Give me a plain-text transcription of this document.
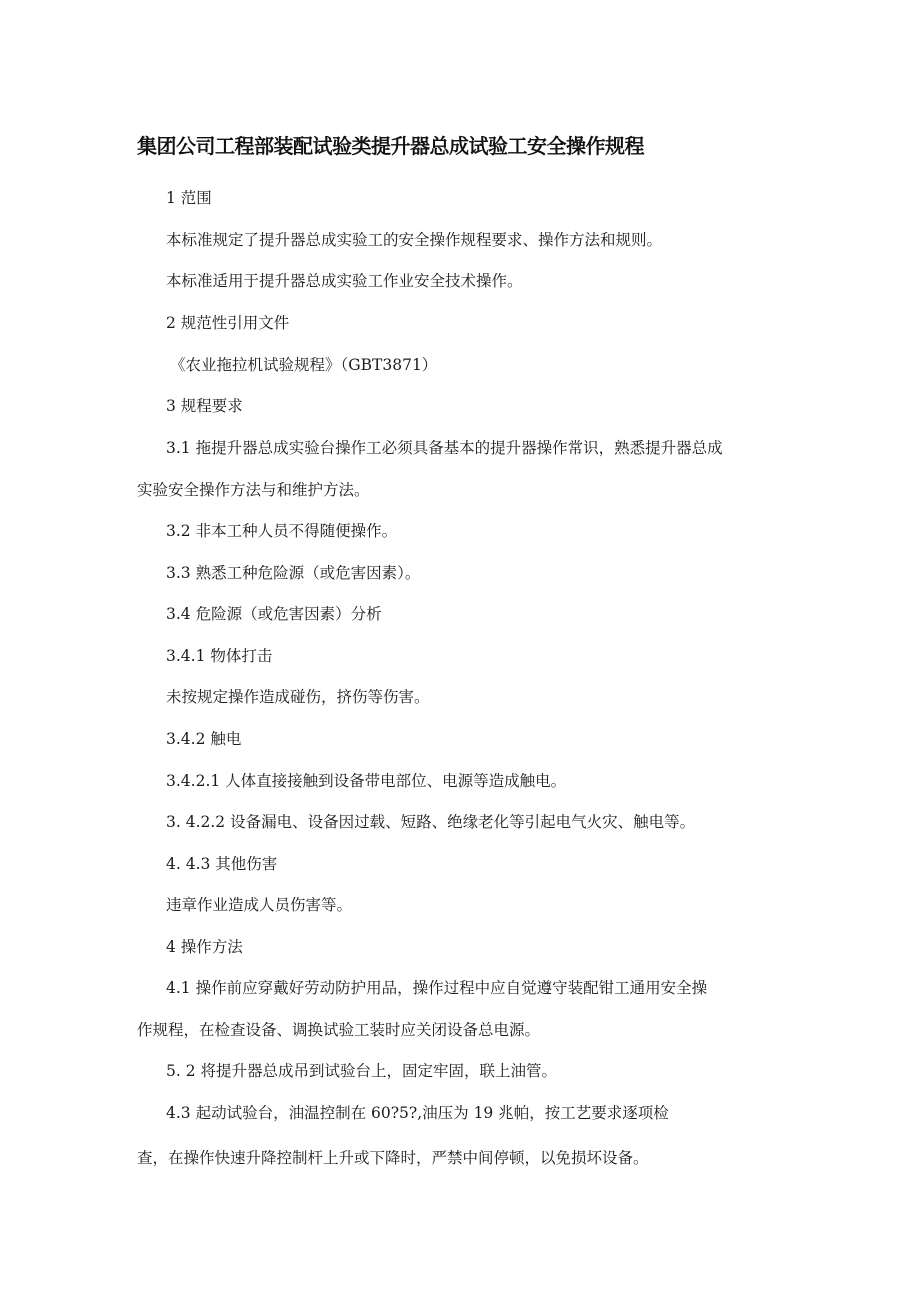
集团公司工程部装配试验类提升器总成试验工安全操作规程
1 范围
本标准规定了提升器总成实验工的安全操作规程要求、操作方法和规则。
本标准适用于提升器总成实验工作业安全技术操作。
2 规范性引用文件
《农业拖拉机试验规程》（GBT3871）
3 规程要求
3.1 拖提升器总成实验台操作工必须具备基本的提升器操作常识，熟悉提升器总成
实验安全操作方法与和维护方法。
3.2 非本工种人员不得随便操作。
3.3 熟悉工种危险源（或危害因素）。
3.4 危险源（或危害因素）分析
3.4.1 物体打击
未按规定操作造成碰伤，挤伤等伤害。
3.4.2 触电
3.4.2.1 人体直接接触到设备带电部位、电源等造成触电。
3. 4.2.2 设备漏电、设备因过载、短路、绝缘老化等引起电气火灾、触电等。
4. 4.3 其他伤害
违章作业造成人员伤害等。
4 操作方法
4.1 操作前应穿戴好劳动防护用品，操作过程中应自觉遵守装配钳工通用安全操
作规程，在检查设备、调换试验工装时应关闭设备总电源。
5. 2 将提升器总成吊到试验台上，固定牢固，联上油管。
4.3 起动试验台，油温控制在 60?5?,油压为 19 兆帕，按工艺要求逐项检
查，在操作快速升降控制杆上升或下降时，严禁中间停顿，以免损坏设备。
